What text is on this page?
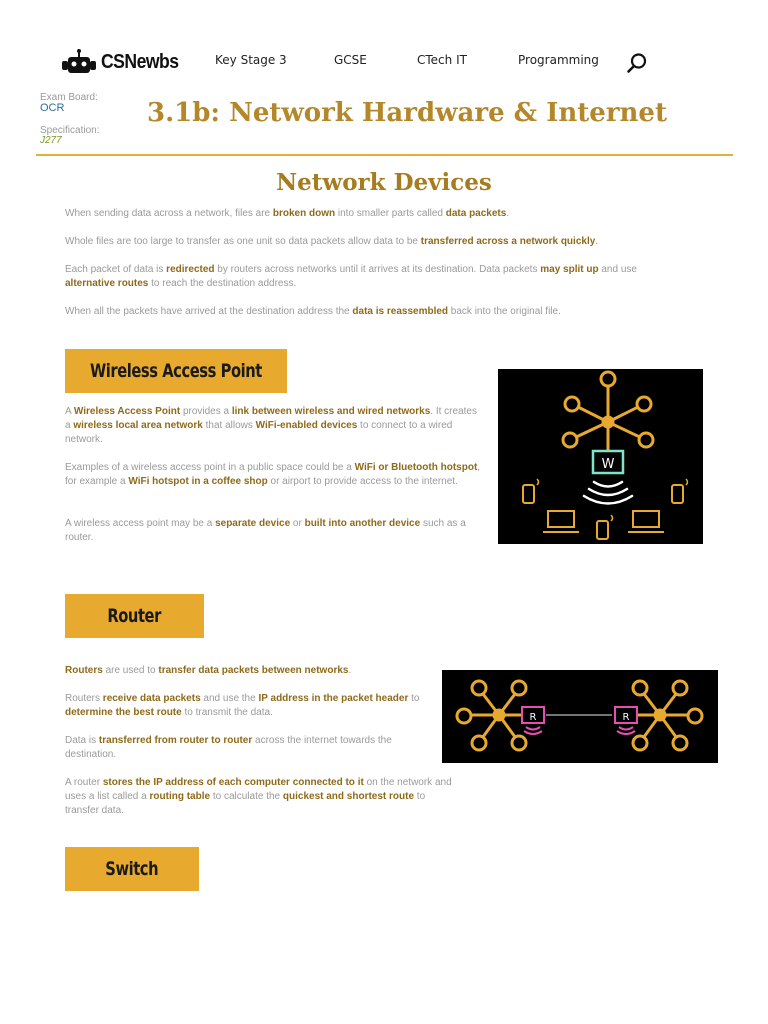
CSNewbs	Key Stage 3	GCSE	CTech IT	Programming
Exam Board:
OCR
Specification:
J277
3.1b: Network Hardware & Internet
Network Devices

When sending data across a network, files are broken down into smaller parts called data packets.

Whole files are too large to transfer as one unit so data packets allow data to be transferred across a network quickly.

Each packet of data is redirected by routers across networks until it arrives at its destination. Data packets may split up and use alternative routes to reach the destination address.

When all the packets have arrived at the destination address the data is reassembled back into the original file.

Wireless Access Point

A Wireless Access Point provides a link between wireless and wired networks. It creates a wireless local area network that allows WiFi-enabled devices to connect to a wired network.

Examples of a wireless access point in a public space could be a WiFi or Bluetooth hotspot, for example a WiFi hotspot in a coffee shop or airport to provide access to the internet.

A wireless access point may be a separate device or built into another device such as a router.

W
Router

Routers are used to transfer data packets between networks.

Routers receive data packets and use the IP address in the packet header to determine the best route to transmit the data.

Data is transferred from router to router across the internet towards the destination.

A router stores the IP address of each computer connected to it on the network and uses a list called a routing table to calculate the quickest and shortest route to transfer data.

R	R
Switch
